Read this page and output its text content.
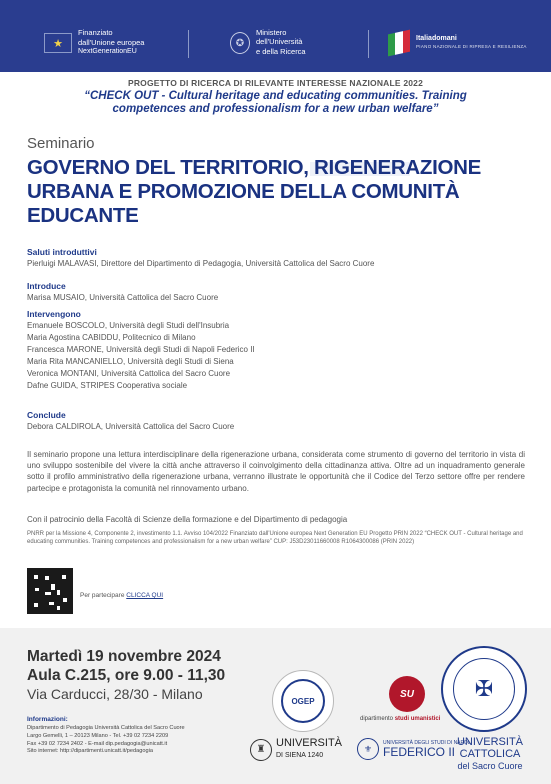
★
Finanziato
dall'Unione europea
NextGenerationEU
✪
Ministero
dell'Università
e della Ricerca
Italiadomani
PIANO NAZIONALE DI RIPRESA E RESILIENZA
PROGETTO DI RICERCA DI RILEVANTE INTERESSE NAZIONALE 2022
“CHECK OUT - Cultural heritage and educating communities. Training competences and professionalism for a new urban welfare”
Seminario
GOVERNO DEL TERRITORIO, RIGENERAZIONE URBANA E PROMOZIONE DELLA COMUNITÀ EDUCANTE
Saluti introduttivi
Pierluigi MALAVASI, Direttore del Dipartimento di Pedagogia, Università Cattolica del Sacro Cuore
Introduce
Marisa MUSAIO, Università Cattolica del Sacro Cuore
Intervengono
Emanuele BOSCOLO, Università degli Studi dell'Insubria
Maria Agostina CABIDDU, Politecnico di Milano
Francesca MARONE, Università degli Studi di Napoli Federico II
Maria Rita MANCANIELLO, Università degli Studi di Siena
Veronica MONTANI, Università Cattolica del Sacro Cuore
Dafne GUIDA, STRIPES Cooperativa sociale
Conclude
Debora CALDIROLA, Università Cattolica del Sacro Cuore
Il seminario propone una lettura interdisciplinare della rigenerazione urbana, considerata come strumento di governo del territorio in vista di uno sviluppo sostenibile del vivere la città anche attraverso il coinvolgimento della cittadinanza attiva. Oltre ad un inquadramento generale sotto il profilo amministrativo della rigenerazione urbana, verranno illustrate le opportunità che il Codice del Terzo settore offre per rendere partecipe e protagonista la comunità nel rinnovamento urbano.
Con il patrocinio della Facoltà di Scienze della formazione e del Dipartimento di pedagogia
PNRR per la Missione 4, Componente 2, investimento 1.1. Avviso 104/2022 Finanziato dall'Unione europea Next Generation EU Progetto PRIN 2022 “CHECK OUT - Cultural heritage and educating communities. Training competences and professionalism for a new urban welfare” CUP: J53D23011660008 R1064300086 (PRIN 2022)
Per partecipare CLICCA QUI
Martedì 19 novembre 2024
Aula C.215, ore 9.00 - 11,30
Via Carducci, 28/30 - Milano
Informazioni:
Dipartimento di Pedagogia Università Cattolica del Sacro Cuore
Largo Gemelli, 1 – 20123 Milano - Tel. +39 02 7234 2209
Fax +39 02 7234 2402 - E-mail dip.pedagogia@unicatt.it
Sito internet: http://dipartimenti.unicatt.it/pedagogia
OGEP
SU
dipartimento studi umanistici
♜
UNIVERSITÀ
DI SIENA 1240
⚜
UNIVERSITÀ DEGLI STUDI DI NAPOLI
FEDERICO II
✠
UNIVERSITÀ
CATTOLICA
del Sacro Cuore
